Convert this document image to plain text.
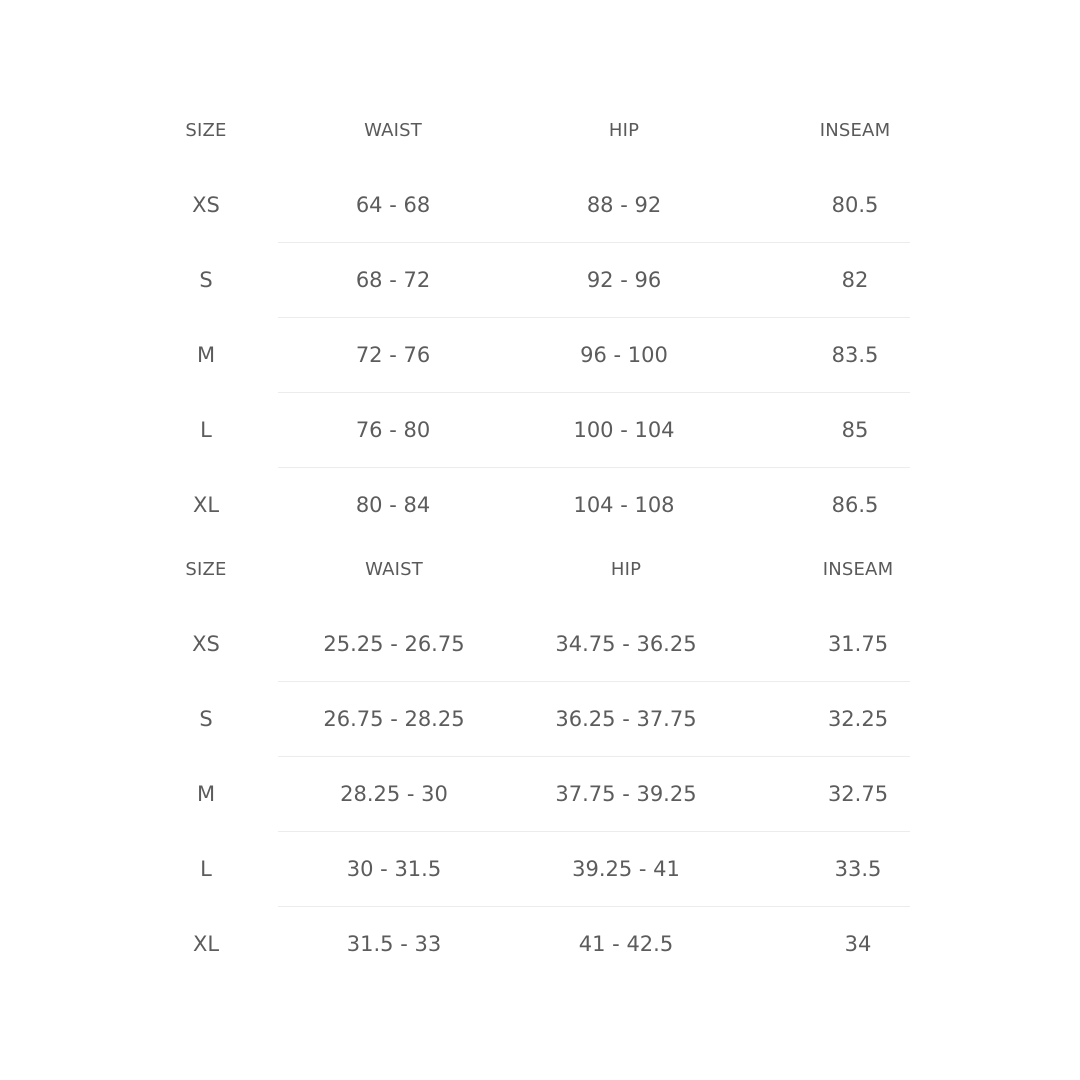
SIZE	WAIST	HIP	INSEAM
XS	64 - 68	88 - 92	80.5
S	68 - 72	92 - 96	82
M	72 - 76	96 - 100	83.5
L	76 - 80	100 - 104	85
XL	80 - 84	104 - 108	86.5
SIZE	WAIST	HIP	INSEAM
XS	25.25 - 26.75	34.75 - 36.25	31.75
S	26.75 - 28.25	36.25 - 37.75	32.25
M	28.25 - 30	37.75 - 39.25	32.75
L	30 - 31.5	39.25 - 41	33.5
XL	31.5 - 33	41 - 42.5	34
